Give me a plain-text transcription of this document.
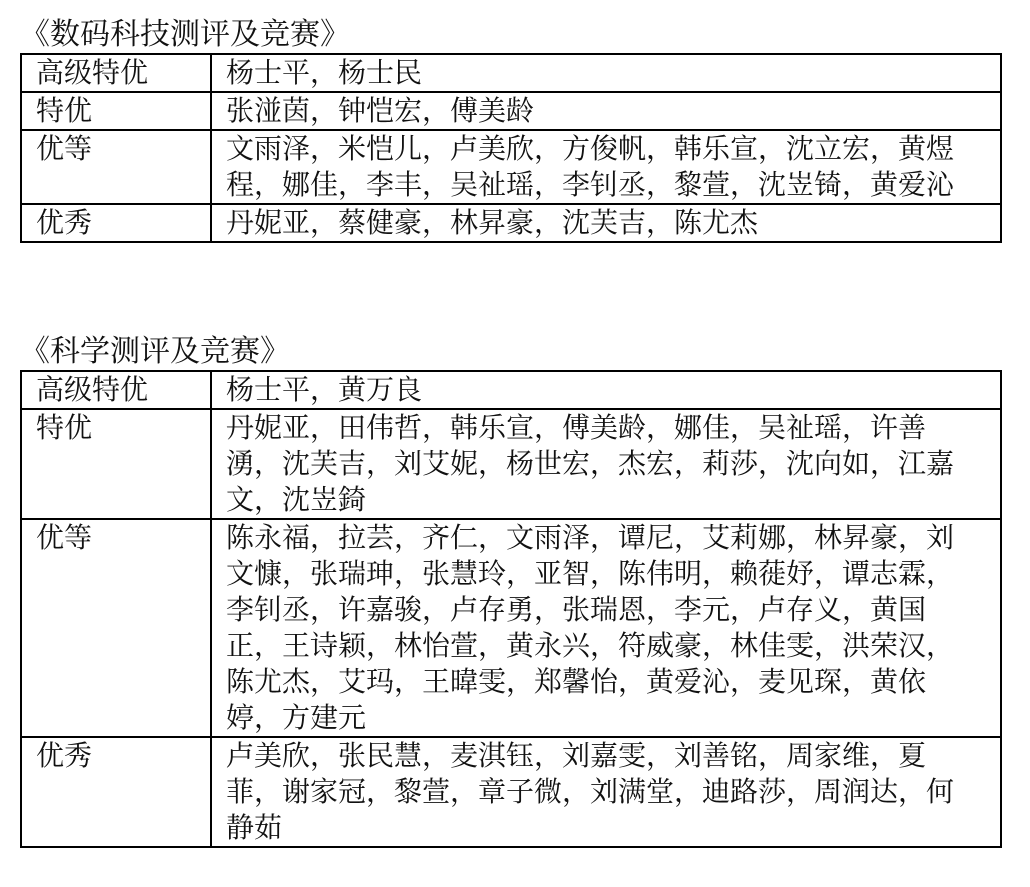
《数码科技测评及竞赛》
高级特优	杨士平，杨士民
特优	张湴茵，钟恺宏，傅美龄
优等	文雨泽，米恺儿，卢美欣，方俊帆，韩乐宣，沈立宏，黄煜程，娜佳，李丰，吴祉瑶，李钊丞，黎萱，沈岦锜，黄爱沁
优秀	丹妮亚，蔡健豪，林昇豪，沈芙吉，陈尤杰
《科学测评及竞赛》
高级特优	杨士平，黄万良
特优	丹妮亚，田伟哲，韩乐宣，傅美龄，娜佳，吴祉瑶，许善湧，沈芙吉，刘艾妮，杨世宏，杰宏，莉莎，沈向如，江嘉文，沈岦錡
优等	陈永福，拉芸，齐仁，文雨泽，谭尼，艾莉娜，林昇豪，刘文慷，张瑞珅，张慧玲，亚智，陈伟明，赖蓰妤，谭志霖，李钊丞，许嘉骏，卢存勇，张瑞恩，李元，卢存义，黄国正，王诗颖，林怡萱，黄永兴，符威豪，林佳雯，洪荣汉，陈尤杰，艾玛，王暐雯，郑馨怡，黄爱沁，麦见琛，黄依婷，方建元
优秀	卢美欣，张民慧，麦淇钰，刘嘉雯，刘善铭，周家维，夏菲，谢家冠，黎萱，章子微，刘满堂，迪路莎，周润达，何静茹
